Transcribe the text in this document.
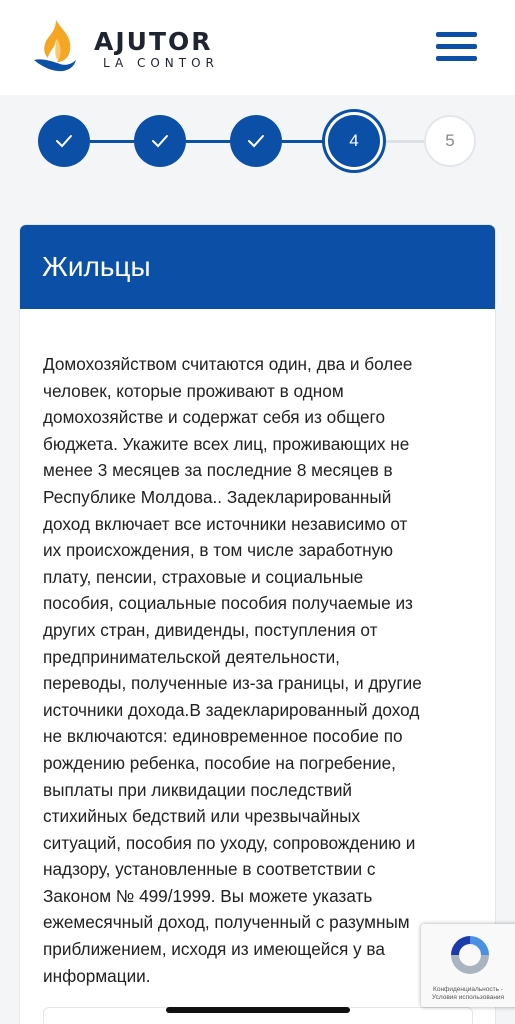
AJUTOR
LA CONTOR
4	5
Жильцы
Домохозяйством считаются один, два и более
человек, которые проживают в одном
домохозяйстве и содержат себя из общего
бюджета. Укажите всех лиц, проживающих не
менее 3 месяцев за последние 8 месяцев в
Республике Молдова.. Задекларированный
доход включает все источники независимо от
их происхождения, в том числе заработную
плату, пенсии, страховые и социальные
пособия, социальные пособия получаемые из
других стран, дивиденды, поступления от
предпринимательской деятельности,
переводы, полученные из-за границы, и другие
источники дохода.В задекларированный доход
не включаются: единовременное пособие по
рождению ребенка, пособие на погребение,
выплаты при ликвидации последствий
стихийных бедствий или чрезвычайных
ситуаций, пособия по уходу, сопровождению и
надзору, установленные в соответствии с
Законом № 499/1999. Вы можете указать
ежемесячный доход, полученный с разумным
приближением, исходя из имеющейся у ва
информации.
Конфиденциальность - Условия использования
